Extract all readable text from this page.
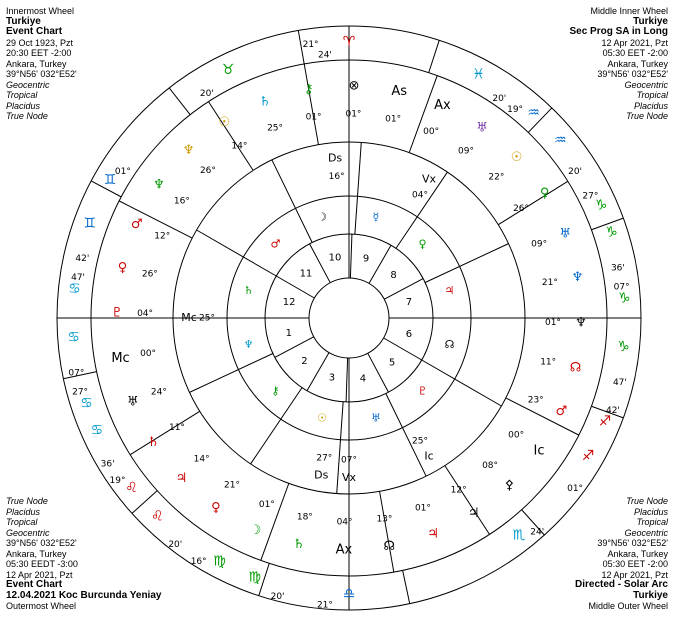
1
2
3 4
5
6
7
8
9
10
11
12
♈
24'
21°
♓
20'
♒
19°
♒
20'
♑
27°
♑
36'
♑
07°
♑
47'
♐
42'
♐
01°
♏ 24'
♎
21°
♍
20'
♍
16°
♌
20'
♌
19°
♋
36'
♋
27°
♋
07°
♋
47'
♊
42'
♊
01°
♉
20'	⚷
01°
⊗
01°
As
01°
Ax
00°	♅
09°	☉
22°
♀
26°
♅
09°
♆
21°
♆
01°
☊
11°
♂
23°
Ic
00°
⚴
08°
♃
12°
♃
01°
☊
13°
Ax
04°
♄
18°
☽
01°
♀
21°
♃
14°
♄
11°
♅
24°
Mc 00°
♇ 04°
♀ 26°
♂
12°
♆
16°
♆
26°
☉
14°
♄
25°
Ds
16°	Vx
04°
Ic
25°
Mc 25°
Vx
07°
Ds
27°
♃
♀
☿
☽
♂
♄
♆
⚷
☉	♅
♇
☊
Innermost Wheel
Turkiye
Event Chart
29 Oct 1923, Pzt
20:30 EET -2:00
Ankara, Turkey
39°N56' 032°E52'
Geocentric
Tropical
Placidus
True Node
Middle Inner Wheel
Turkiye
Sec Prog SA in Long
12 Apr 2021, Pzt
05:30 EET -2:00
Ankara, Turkey
39°N56' 032°E52'
Geocentric
Tropical
Placidus
True Node
True Node
Placidus
Tropical
Geocentric
39°N56' 032°E52'
Ankara, Turkey
05:30 EEDT -3:00
12 Apr 2021, Pzt
Event Chart
12.04.2021 Koc Burcunda Yeniay
Outermost Wheel
True Node
Placidus
Tropical
Geocentric
39°N56' 032°E52'
Ankara, Turkey
05:30 EET -2:00
12 Apr 2021, Pzt
Directed - Solar Arc
Turkiye
Middle Outer Wheel
